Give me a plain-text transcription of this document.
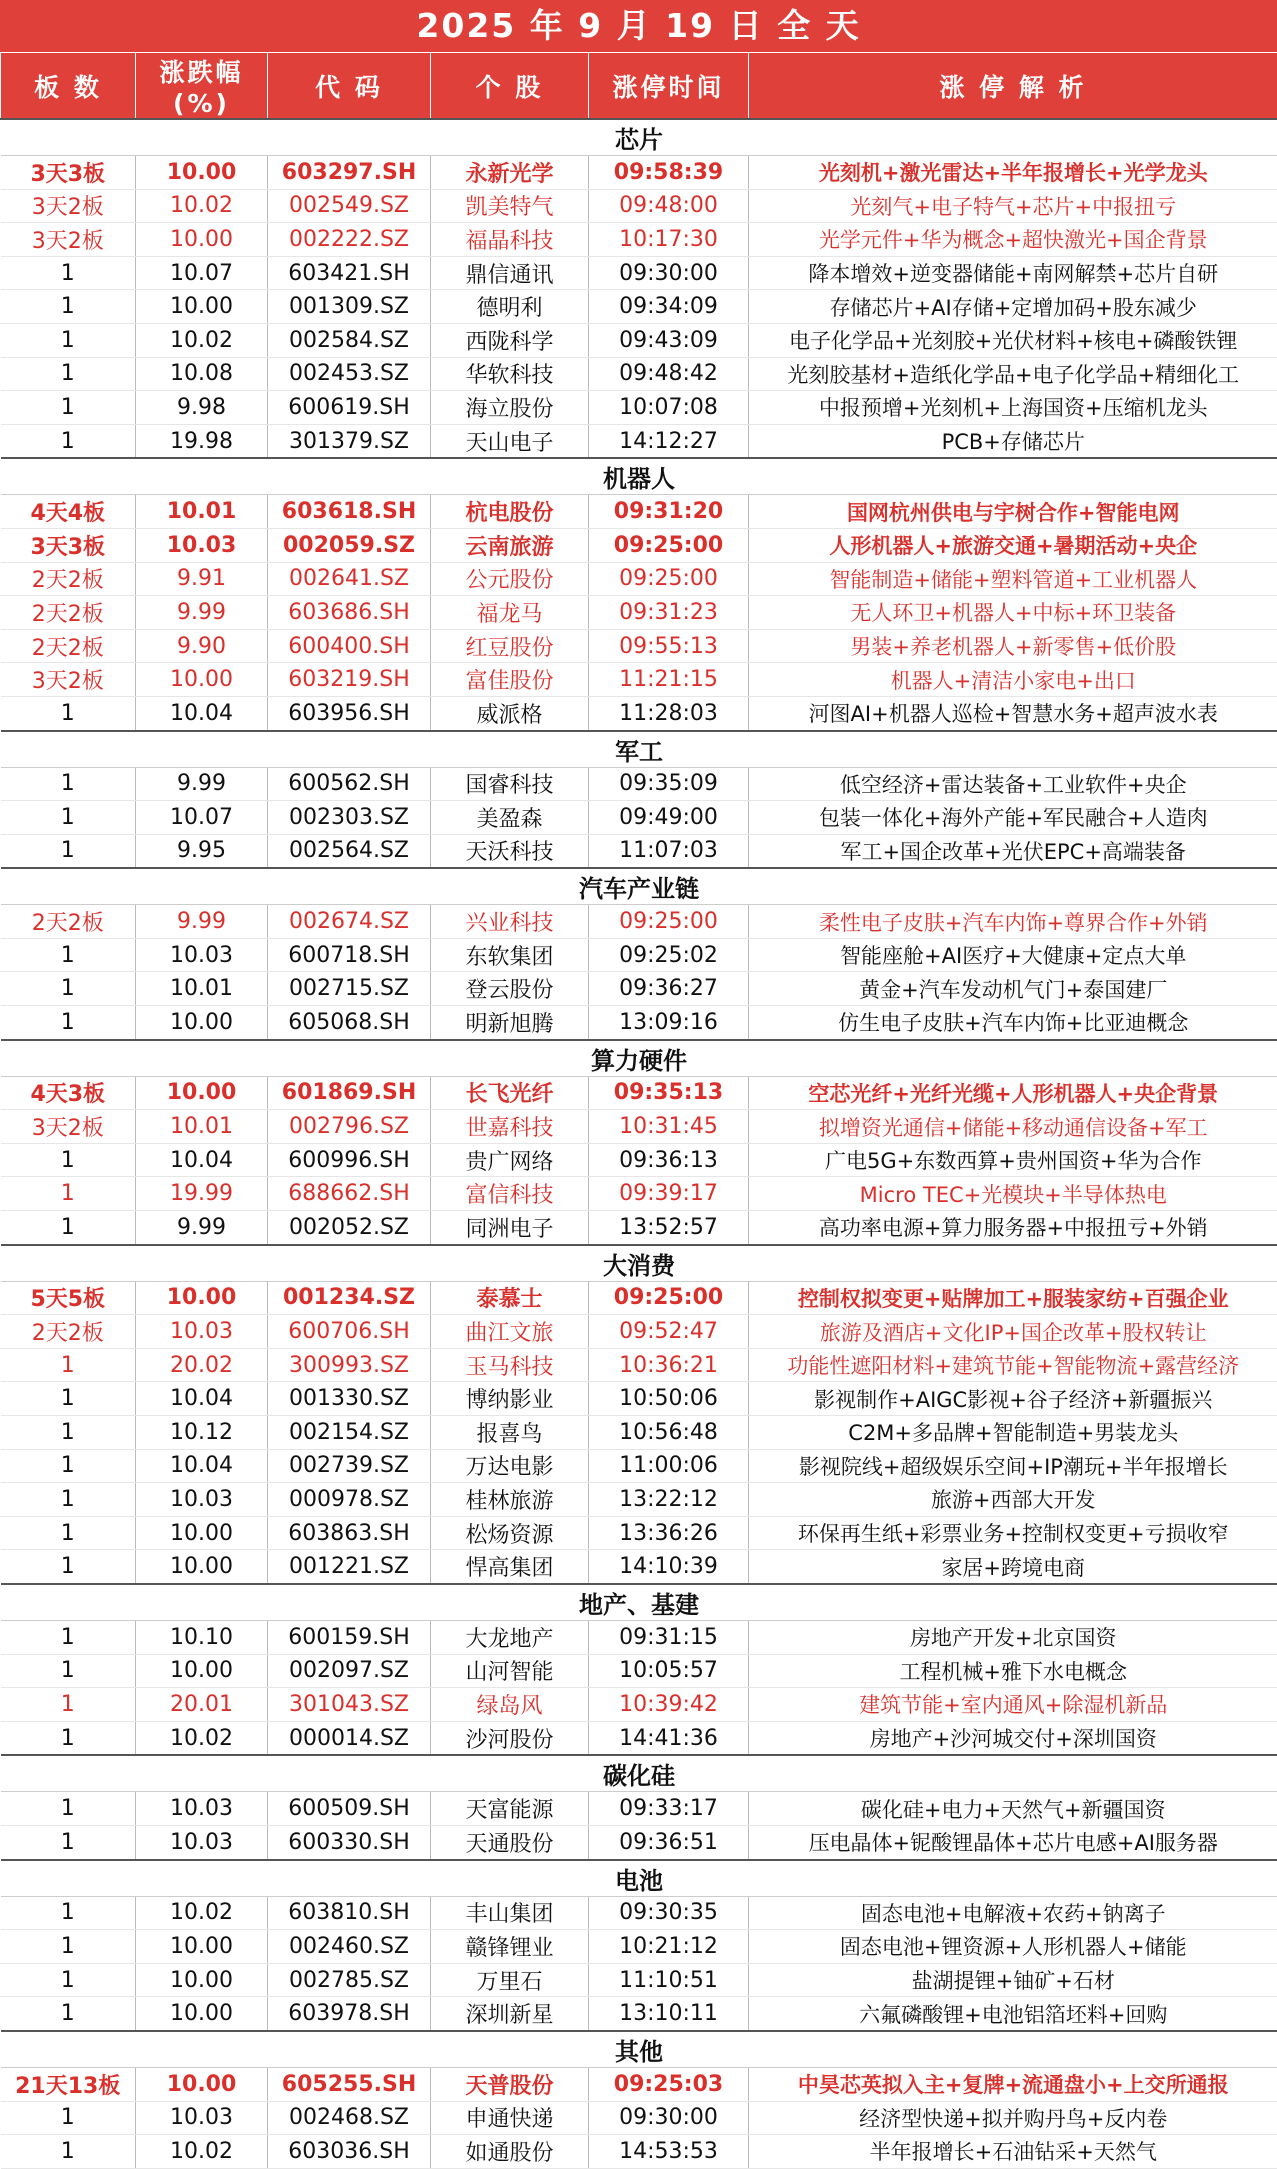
2025 年 9 月 19 日 全 天
板 数	涨跌幅(%)	代 码	个 股	涨停时间	涨 停 解 析
芯片					
3天3板	10.00	603297.SH	永新光学	09:58:39	光刻机+激光雷达+半年报增长+光学龙头
3天2板	10.02	002549.SZ	凯美特气	09:48:00	光刻气+电子特气+芯片+中报扭亏
3天2板	10.00	002222.SZ	福晶科技	10:17:30	光学元件+华为概念+超快激光+国企背景
1	10.07	603421.SH	鼎信通讯	09:30:00	降本增效+逆变器储能+南网解禁+芯片自研
1	10.00	001309.SZ	德明利	09:34:09	存储芯片+AI存储+定增加码+股东减少
1	10.02	002584.SZ	西陇科学	09:43:09	电子化学品+光刻胶+光伏材料+核电+磷酸铁锂
1	10.08	002453.SZ	华软科技	09:48:42	光刻胶基材+造纸化学品+电子化学品+精细化工
1	9.98	600619.SH	海立股份	10:07:08	中报预增+光刻机+上海国资+压缩机龙头
1	19.98	301379.SZ	天山电子	14:12:27	PCB+存储芯片
机器人					
4天4板	10.01	603618.SH	杭电股份	09:31:20	国网杭州供电与宇树合作+智能电网
3天3板	10.03	002059.SZ	云南旅游	09:25:00	人形机器人+旅游交通+暑期活动+央企
2天2板	9.91	002641.SZ	公元股份	09:25:00	智能制造+储能+塑料管道+工业机器人
2天2板	9.99	603686.SH	福龙马	09:31:23	无人环卫+机器人+中标+环卫装备
2天2板	9.90	600400.SH	红豆股份	09:55:13	男装+养老机器人+新零售+低价股
3天2板	10.00	603219.SH	富佳股份	11:21:15	机器人+清洁小家电+出口
1	10.04	603956.SH	威派格	11:28:03	河图AI+机器人巡检+智慧水务+超声波水表
军工					
1	9.99	600562.SH	国睿科技	09:35:09	低空经济+雷达装备+工业软件+央企
1	10.07	002303.SZ	美盈森	09:49:00	包装一体化+海外产能+军民融合+人造肉
1	9.95	002564.SZ	天沃科技	11:07:03	军工+国企改革+光伏EPC+高端装备
汽车产业链					
2天2板	9.99	002674.SZ	兴业科技	09:25:00	柔性电子皮肤+汽车内饰+尊界合作+外销
1	10.03	600718.SH	东软集团	09:25:02	智能座舱+AI医疗+大健康+定点大单
1	10.01	002715.SZ	登云股份	09:36:27	黄金+汽车发动机气门+泰国建厂
1	10.00	605068.SH	明新旭腾	13:09:16	仿生电子皮肤+汽车内饰+比亚迪概念
算力硬件					
4天3板	10.00	601869.SH	长飞光纤	09:35:13	空芯光纤+光纤光缆+人形机器人+央企背景
3天2板	10.01	002796.SZ	世嘉科技	10:31:45	拟增资光通信+储能+移动通信设备+军工
1	10.04	600996.SH	贵广网络	09:36:13	广电5G+东数西算+贵州国资+华为合作
1	19.99	688662.SH	富信科技	09:39:17	Micro TEC+光模块+半导体热电
1	9.99	002052.SZ	同洲电子	13:52:57	高功率电源+算力服务器+中报扭亏+外销
大消费					
5天5板	10.00	001234.SZ	泰慕士	09:25:00	控制权拟变更+贴牌加工+服装家纺+百强企业
2天2板	10.03	600706.SH	曲江文旅	09:52:47	旅游及酒店+文化IP+国企改革+股权转让
1	20.02	300993.SZ	玉马科技	10:36:21	功能性遮阳材料+建筑节能+智能物流+露营经济
1	10.04	001330.SZ	博纳影业	10:50:06	影视制作+AIGC影视+谷子经济+新疆振兴
1	10.12	002154.SZ	报喜鸟	10:56:48	C2M+多品牌+智能制造+男装龙头
1	10.04	002739.SZ	万达电影	11:00:06	影视院线+超级娱乐空间+IP潮玩+半年报增长
1	10.03	000978.SZ	桂林旅游	13:22:12	旅游+西部大开发
1	10.00	603863.SH	松炀资源	13:36:26	环保再生纸+彩票业务+控制权变更+亏损收窄
1	10.00	001221.SZ	悍高集团	14:10:39	家居+跨境电商
地产、基建					
1	10.10	600159.SH	大龙地产	09:31:15	房地产开发+北京国资
1	10.00	002097.SZ	山河智能	10:05:57	工程机械+雅下水电概念
1	20.01	301043.SZ	绿岛风	10:39:42	建筑节能+室内通风+除湿机新品
1	10.02	000014.SZ	沙河股份	14:41:36	房地产+沙河城交付+深圳国资
碳化硅					
1	10.03	600509.SH	天富能源	09:33:17	碳化硅+电力+天然气+新疆国资
1	10.03	600330.SH	天通股份	09:36:51	压电晶体+铌酸锂晶体+芯片电感+AI服务器
电池					
1	10.02	603810.SH	丰山集团	09:30:35	固态电池+电解液+农药+钠离子
1	10.00	002460.SZ	赣锋锂业	10:21:12	固态电池+锂资源+人形机器人+储能
1	10.00	002785.SZ	万里石	11:10:51	盐湖提锂+铀矿+石材
1	10.00	603978.SH	深圳新星	13:10:11	六氟磷酸锂+电池铝箔坯料+回购
其他					
21天13板	10.00	605255.SH	天普股份	09:25:03	中昊芯英拟入主+复牌+流通盘小+上交所通报
1	10.03	002468.SZ	申通快递	09:30:00	经济型快递+拟并购丹鸟+反内卷
1	10.02	603036.SH	如通股份	14:53:53	半年报增长+石油钻采+天然气
